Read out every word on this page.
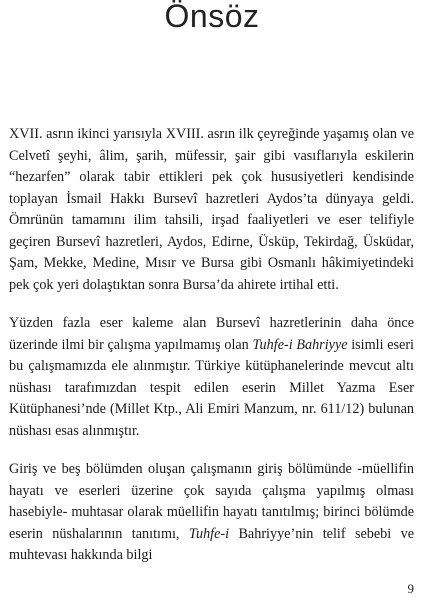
Önsöz

XVII. asrın ikinci yarısıyla XVIII. asrın ilk çeyreğinde yaşamış olan ve Celvetî şeyhi, âlim, şarih, müfessir, şair gibi vasıflarıyla eskilerin “hezarfen” olarak tabir ettikleri pek çok hususiyetleri kendisinde toplayan İsmail Hakkı Bursevî hazretleri Aydos’ta dünyaya geldi. Ömrünün tamamını ilim tahsili, irşad faaliyetleri ve eser telifiyle geçiren Bursevî hazretleri, Aydos, Edirne, Üsküp, Tekirdağ, Üsküdar, Şam, Mekke, Medine, Mısır ve Bursa gibi Osmanlı hâkimiyetindeki pek çok yeri dolaştıktan sonra Bursa’da ahirete irtihal etti.

Yüzden fazla eser kaleme alan Bursevî hazretlerinin daha önce üzerinde ilmi bir çalışma yapılmamış olan Tuhfe-i Bahriyye isimli eseri bu çalışmamızda ele alınmıştır. Türkiye kütüphanelerinde mevcut altı nüshası tarafımızdan tespit edilen eserin Millet Yazma Eser Kütüphanesi’nde (Millet Ktp., Ali Emiri Manzum, nr. 611/12) bulunan nüshası esas alınmıştır.

Giriş ve beş bölümden oluşan çalışmanın giriş bölümünde -müellifin hayatı ve eserleri üzerine çok sayıda çalışma yapılmış olması hasebiyle- muhtasar olarak müellifin hayatı tanıtılmış; birinci bölümde eserin nüshalarının tanıtımı, Tuhfe-i Bahriyye’nin telif sebebi ve muhtevası hakkında bilgi

9
